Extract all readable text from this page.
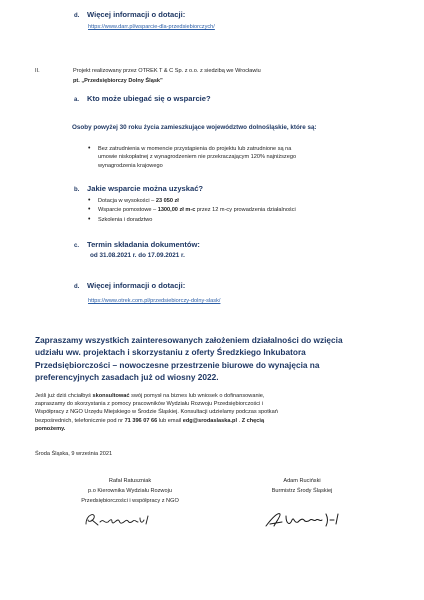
d. Więcej informacji o dotacji:
https://www.darr.pl/wsparcie-dla-przedsiebiorczych/
II.	Projekt realizowany przez OTREK T & C Sp. z o.o. z siedzibą we Wrocławiu
pt. „Przedsiębiorczy Dolny Śląsk”
a. Kto może ubiegać się o wsparcie?
Osoby powyżej 30 roku życia zamieszkujące województwo dolnośląskie, które są:
• Bez zatrudnienia w momencie przystąpienia do projektu lub zatrudnione są na
umowie niskopłatnej z wynagrodzeniem nie przekraczającym 120% najniższego
wynagrodzenia krajowego
b. Jakie wsparcie można uzyskać?
• Dotacja w wysokości – 23 050 zł
• Wsparcie pomostowe – 1300,00 zł m-c przez 12 m-cy prowadzenia działalności
• Szkolenia i doradztwo
c. Termin składania dokumentów:
od 31.08.2021 r. do 17.09.2021 r.
d. Więcej informacji o dotacji:
https://www.otrek.com.pl/przedsiebiorczy-dolny-slask/
Zapraszamy wszystkich zainteresowanych założeniem działalności do wzięcia
udziału ww. projektach i skorzystaniu z oferty Średzkiego Inkubatora
Przedsiębiorczości – nowoczesne przestrzenie biurowe do wynajęcia na
preferencyjnych zasadach już od wiosny 2022.
Jeśli już dziś chciałbyś skonsultować swój pomysł na biznes lub wniosek o dofinansowanie,
zapraszamy do skorzystania z pomocy pracowników Wydziału Rozwoju Przedsiębiorczości i
Współpracy z NGO Urzędu Miejskiego w Środzie Śląskiej. Konsultacji udzielamy podczas spotkań
bezpośrednich, telefonicznie pod nr 71 396 07 66 lub email edg@srodaslaska.pl . Z chęcią
pomożemy.
Środa Śląska, 9 września 2021
Rafał Ratuszniak
p.o Kierownika Wydziału Rozwoju
Przedsiębiorczości i współpracy z NGO
Adam Ruciński
Burmistrz Środy Śląskiej
